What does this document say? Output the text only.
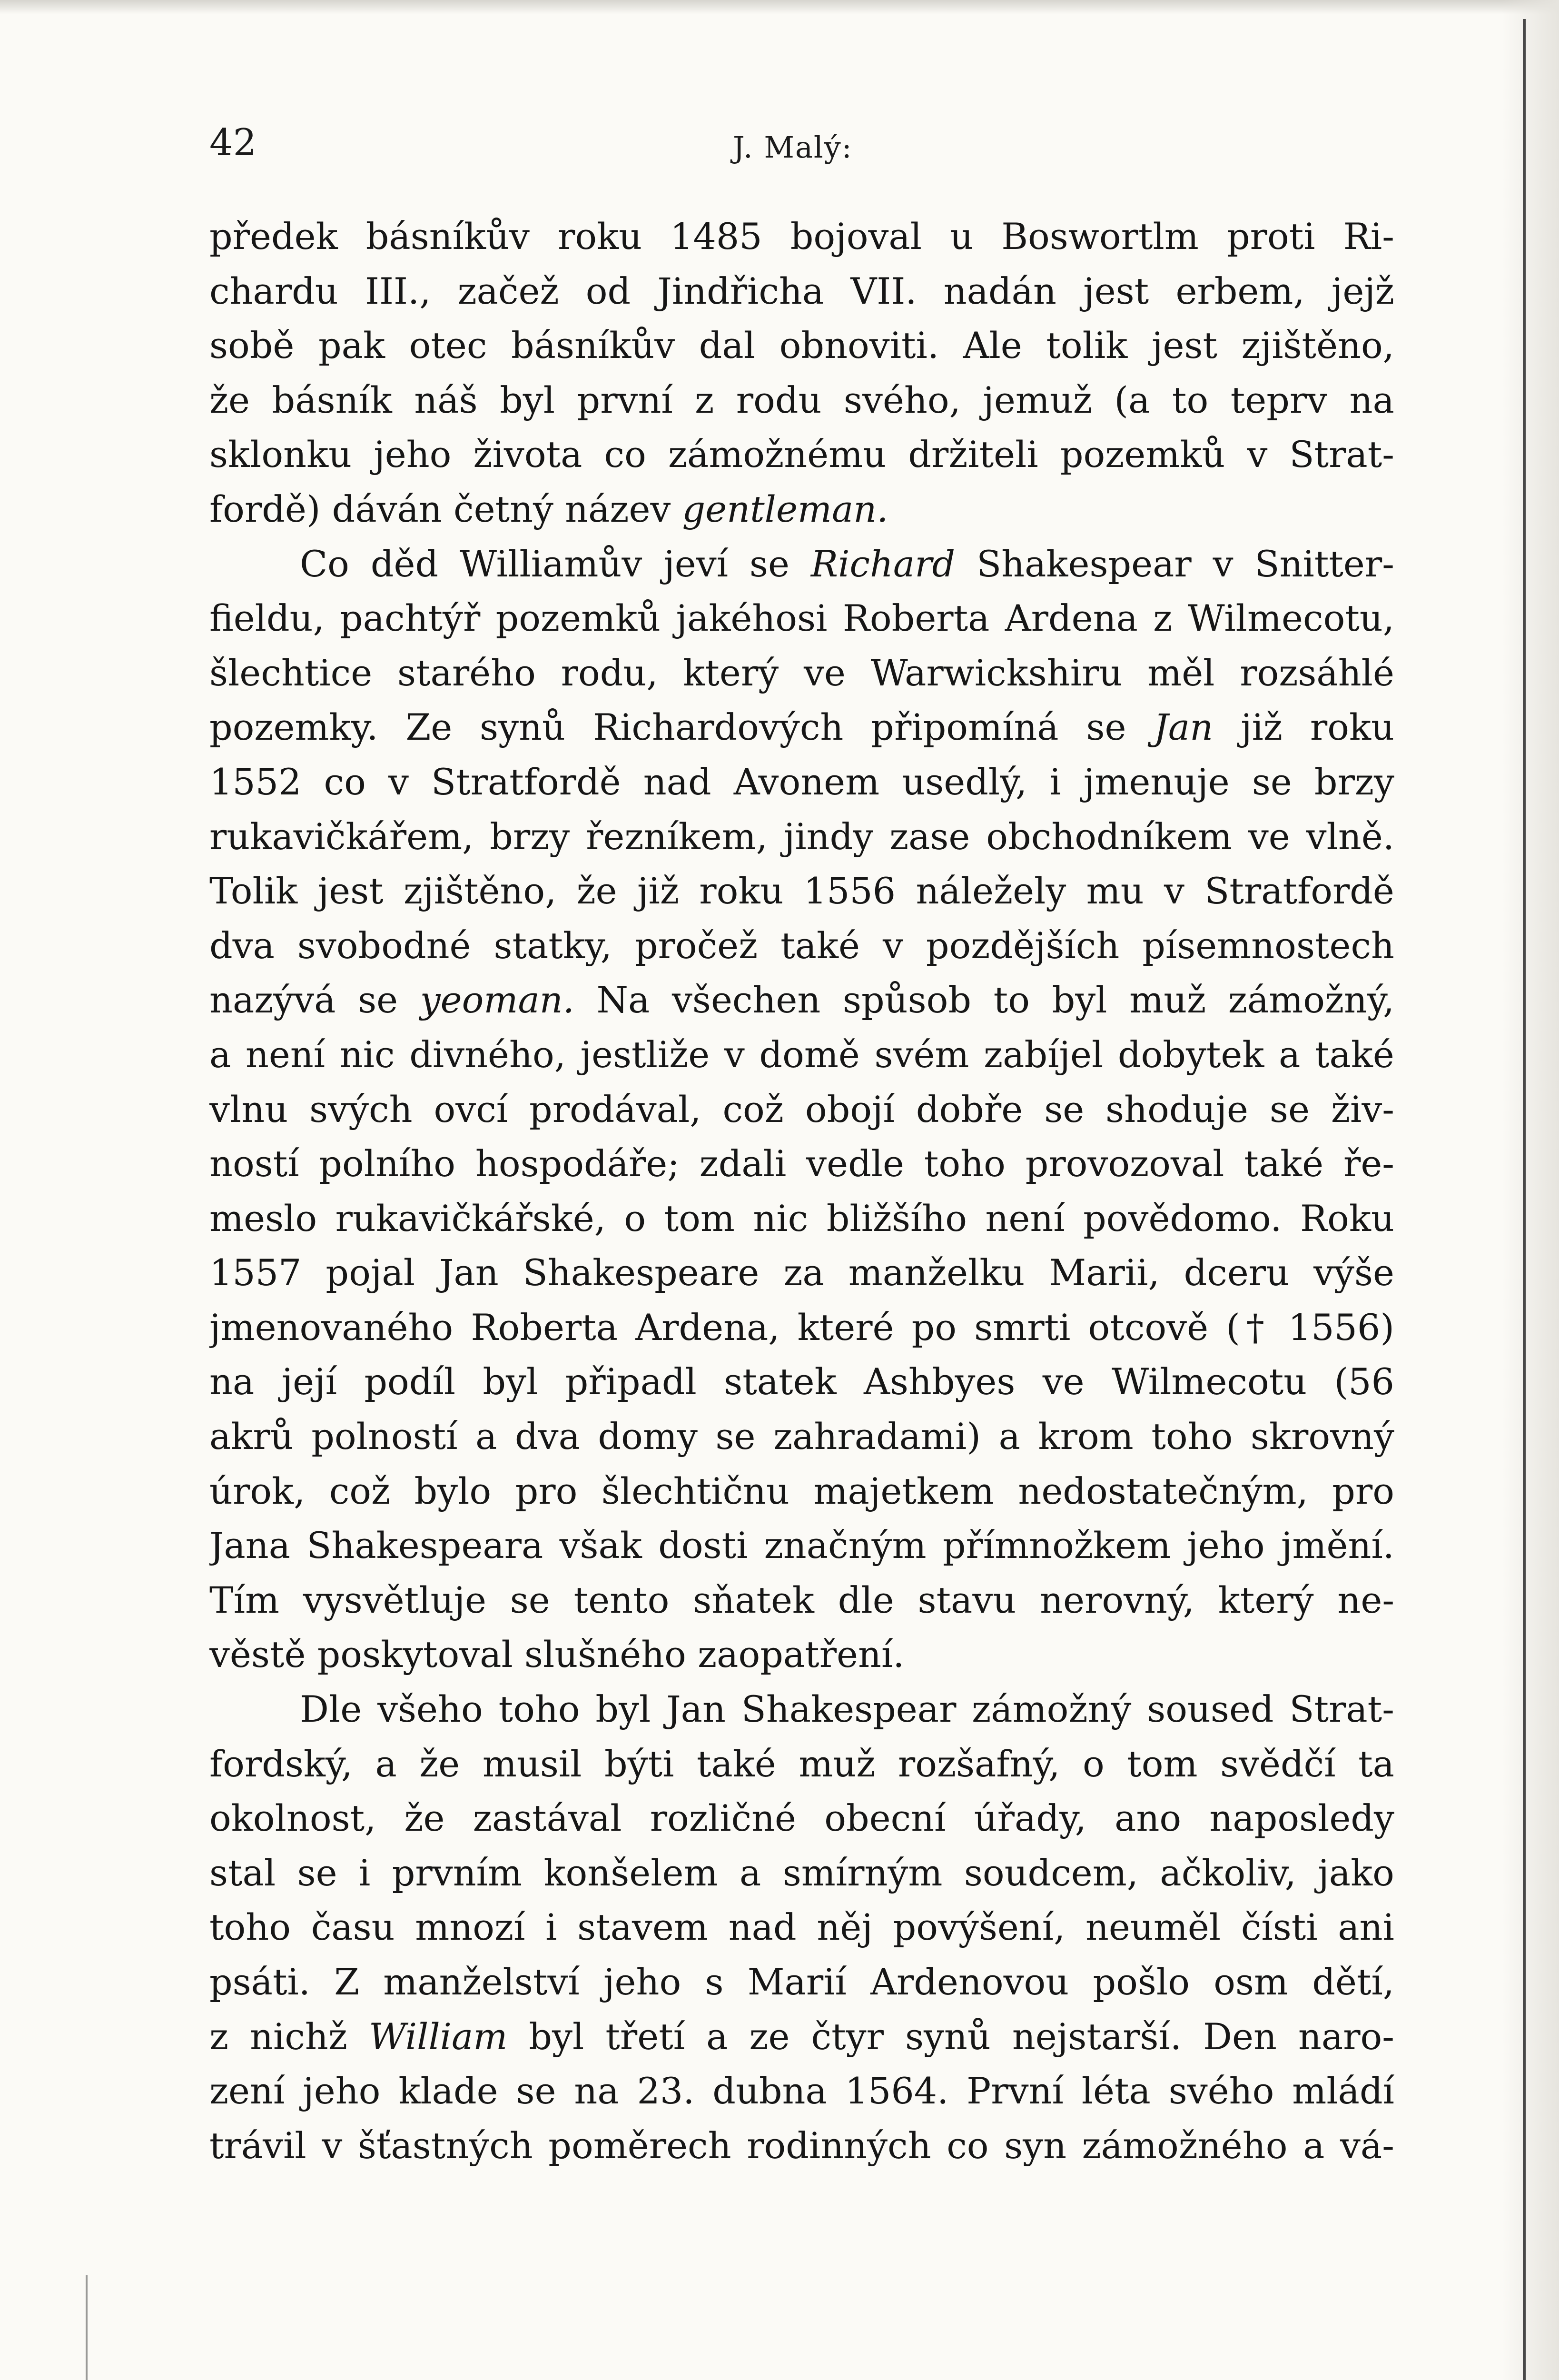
42	J. Malý:
předek básníkův roku 1485 bojoval u Boswortlm proti Ri-
chardu III., začež od Jindřicha VII. nadán jest erbem, jejž
sobě pak otec básníkův dal obnoviti. Ale tolik jest zjištěno,
že básník náš byl první z rodu svého, jemuž (a to teprv na
sklonku jeho života co zámožnému držiteli pozemků v Strat-
fordě) dáván četný název gentleman.
Co děd Williamův jeví se Richard Shakespear v Snitter-
fieldu, pachtýř pozemků jakéhosi Roberta Ardena z Wilmecotu,
šlechtice starého rodu, který ve Warwickshiru měl rozsáhlé
pozemky. Ze synů Richardových připomíná se Jan již roku
1552 co v Stratfordě nad Avonem usedlý, i jmenuje se brzy
rukavičkářem, brzy řezníkem, jindy zase obchodníkem ve vlně.
Tolik jest zjištěno, že již roku 1556 náležely mu v Stratfordě
dva svobodné statky, pročež také v pozdějších písemnostech
nazývá se yeoman. Na všechen spůsob to byl muž zámožný,
a není nic divného, jestliže v domě svém zabíjel dobytek a také
vlnu svých ovcí prodával, což obojí dobře se shoduje se živ-
ností polního hospodáře; zdali vedle toho provozoval také ře-
meslo rukavičkářské, o tom nic bližšího není povědomo. Roku
1557 pojal Jan Shakespeare za manželku Marii, dceru výše
jmenovaného Roberta Ardena, které po smrti otcově († 1556)
na její podíl byl připadl statek Ashbyes ve Wilmecotu (56
akrů polností a dva domy se zahradami) a krom toho skrovný
úrok, což bylo pro šlechtičnu majetkem nedostatečným, pro
Jana Shakespeara však dosti značným přímnožkem jeho jmění.
Tím vysvětluje se tento sňatek dle stavu nerovný, který ne-
věstě poskytoval slušného zaopatření.
Dle všeho toho byl Jan Shakespear zámožný soused Strat-
fordský, a že musil býti také muž rozšafný, o tom svědčí ta
okolnost, že zastával rozličné obecní úřady, ano naposledy
stal se i prvním konšelem a smírným soudcem, ačkoliv, jako
toho času mnozí i stavem nad něj povýšení, neuměl čísti ani
psáti. Z manželství jeho s Marií Ardenovou pošlo osm dětí,
z nichž William byl třetí a ze čtyr synů nejstarší. Den naro-
zení jeho klade se na 23. dubna 1564. První léta svého mládí
trávil v šťastných poměrech rodinných co syn zámožného a vá-
